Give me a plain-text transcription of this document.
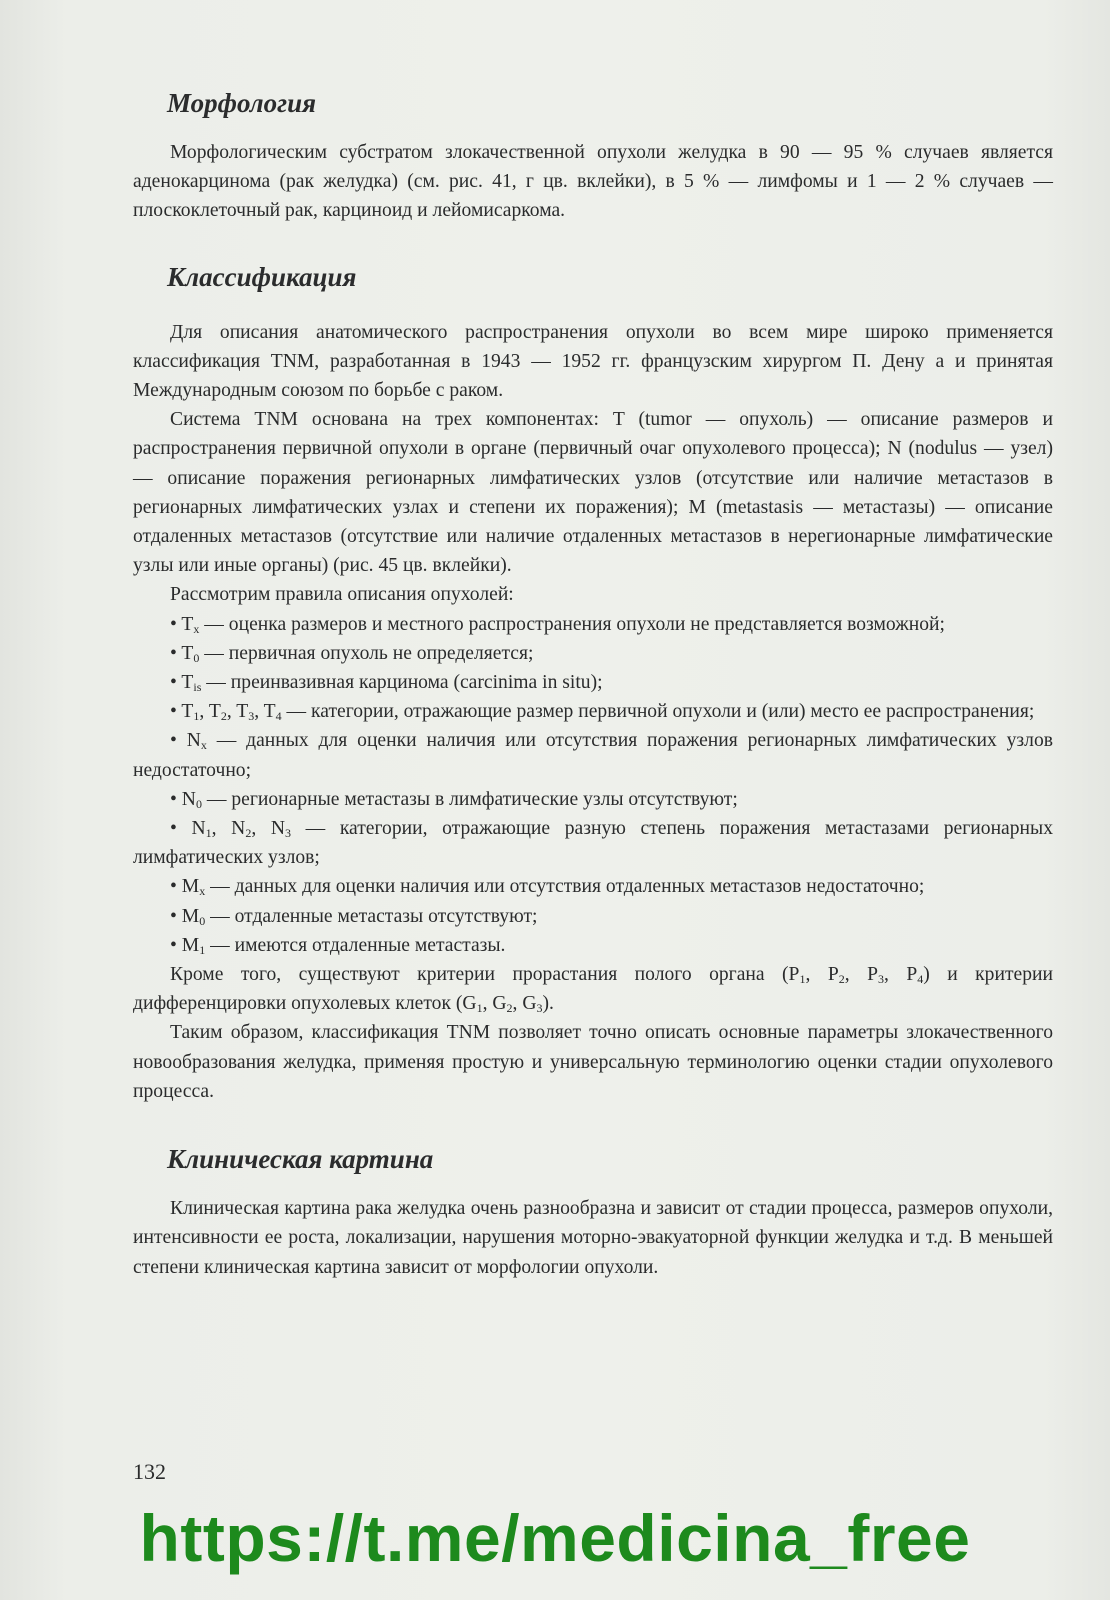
Морфология

Морфологическим субстратом злокачественной опухоли желудка в 90 — 95 % случаев является аденокарцинома (рак желудка) (см. рис. 41, г цв. вклейки), в 5 % — лимфомы и 1 — 2 % случаев — плоскоклеточный рак, карциноид и лейомисаркома.

Классификация

Для описания анатомического распространения опухоли во всем мире широко применяется классификация TNM, разработанная в 1943 — 1952 гг. французским хирургом П. Дену а и принятая Международным союзом по борьбе с раком.

Система TNM основана на трех компонентах: T (tumor — опухоль) — описание размеров и распространения первичной опухоли в органе (первичный очаг опухолевого процесса); N (nodulus — узел) — описание поражения регионарных лимфатических узлов (отсутствие или наличие метастазов в регионарных лимфатических узлах и степени их поражения); M (metastasis — метастазы) — описание отдаленных метастазов (отсутствие или наличие отдаленных метастазов в нерегионарные лимфатические узлы или иные органы) (рис. 45 цв. вклейки).

Рассмотрим правила описания опухолей:

• $T_x$ — оценка размеров и местного распространения опухоли не представляется возможной;

• $T_0$ — первичная опухоль не определяется;

• $T_{is}$ — преинвазивная карцинома (carcinima in situ);

• $T_1$, $T_2$, $T_3$, $T_4$ — категории, отражающие размер первичной опухоли и (или) место ее распространения;

• $N_x$ — данных для оценки наличия или отсутствия поражения регионарных лимфатических узлов недостаточно;

• $N_0$ — регионарные метастазы в лимфатические узлы отсутствуют;

• $N_1$, $N_2$, $N_3$ — категории, отражающие разную степень поражения метастазами регионарных лимфатических узлов;

• $M_x$ — данных для оценки наличия или отсутствия отдаленных метастазов недостаточно;

• $M_0$ — отдаленные метастазы отсутствуют;

• $M_1$ — имеются отдаленные метастазы.

Кроме того, существуют критерии прорастания полого органа ($P_1$, $P_2$, $P_3$, $P_4$) и критерии дифференцировки опухолевых клеток ($G_1$, $G_2$, $G_3$).

Таким образом, классификация TNM позволяет точно описать основные параметры злокачественного новообразования желудка, применяя простую и универсальную терминологию оценки стадии опухолевого процесса.

Клиническая картина

Клиническая картина рака желудка очень разнообразна и зависит от стадии процесса, размеров опухоли, интенсивности ее роста, локализации, нарушения моторно-эвакуаторной функции желудка и т.д. В меньшей степени клиническая картина зависит от морфологии опухоли.

132
https://t.me/medicina_free
